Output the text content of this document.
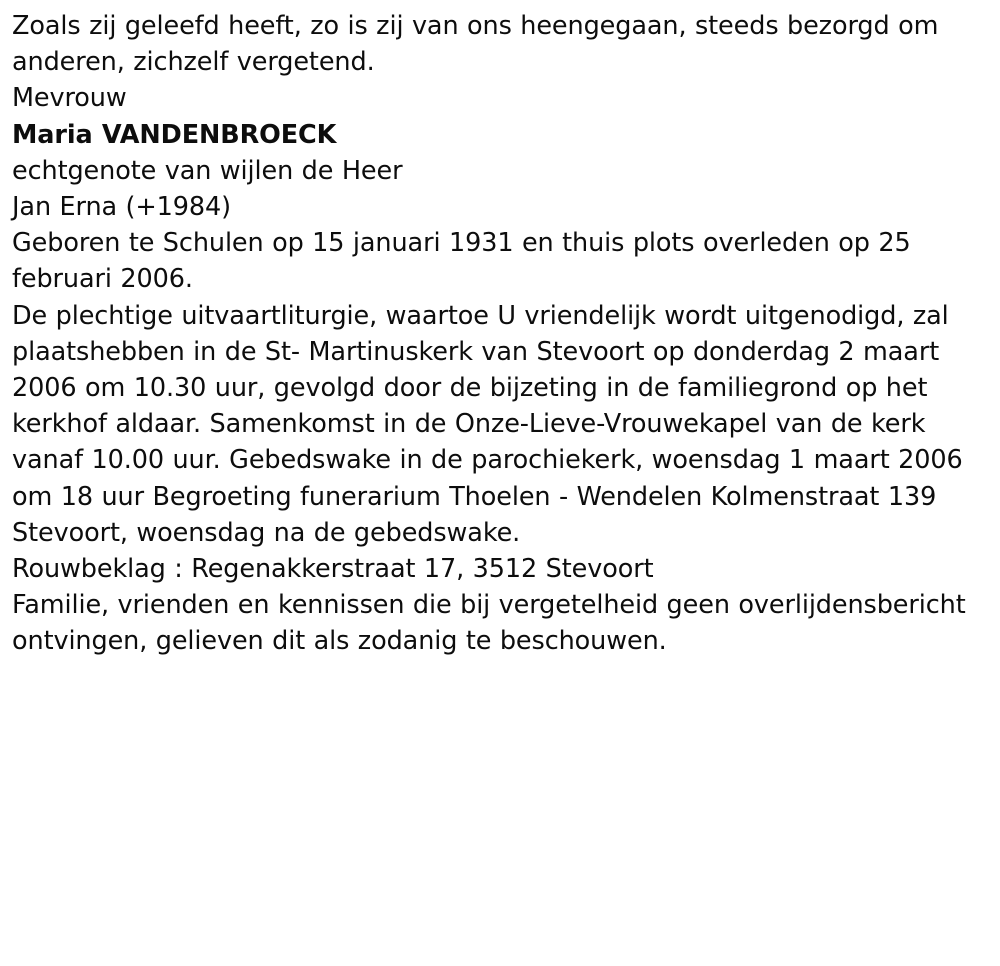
Zoals zij geleefd heeft, zo is zij van ons heengegaan, steeds bezorgd om anderen, zichzelf vergetend.

Mevrouw

Maria VANDENBROECK

echtgenote van wijlen de Heer

Jan Erna (+1984)

Geboren te Schulen op 15 januari 1931 en thuis plots overleden op 25 februari 2006.

De plechtige uitvaartliturgie, waartoe U vriendelijk wordt uitgenodigd, zal plaatshebben in de St- Martinuskerk van Stevoort op donderdag 2 maart 2006 om 10.30 uur, gevolgd door de bijzeting in de familiegrond op het kerkhof aldaar. Samenkomst in de Onze-Lieve-Vrouwekapel van de kerk vanaf 10.00 uur. Gebedswake in de parochiekerk, woensdag 1 maart 2006 om 18 uur Begroeting funerarium Thoelen - Wendelen Kolmenstraat 139 Stevoort, woensdag na de gebedswake.

Rouwbeklag : Regenakkerstraat 17, 3512 Stevoort

Familie, vrienden en kennissen die bij vergetelheid geen overlijdensbericht ontvingen, gelieven dit als zodanig te beschouwen.
